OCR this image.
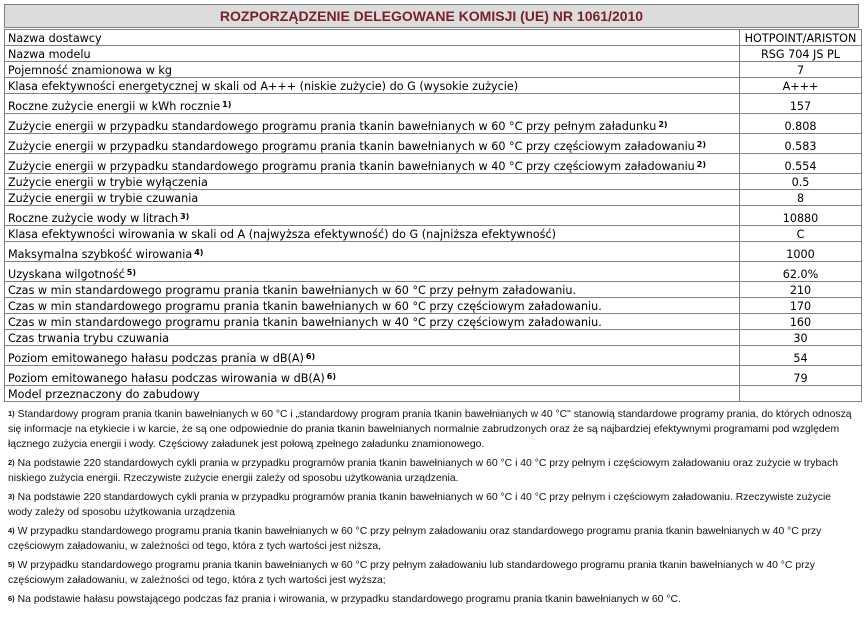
ROZPORZĄDZENIE DELEGOWANE KOMISJI (UE) NR 1061/2010
Nazwa dostawcy	HOTPOINT/ARISTON
Nazwa modelu	RSG 704 JS PL
Pojemność znamionowa w kg	7
Klasa efektywności energetycznej w skali od A+++ (niskie zużycie) do G (wysokie zużycie)	A+++
Roczne zużycie energii w kWh rocznie $^{1)}$	157
Zużycie energii w przypadku standardowego programu prania tkanin bawełnianych w 60 °C przy pełnym załadunku $^{2)}$	0.808
Zużycie energii w przypadku standardowego programu prania tkanin bawełnianych w 60 °C przy częściowym załadowaniu $^{2)}$	0.583
Zużycie energii w przypadku standardowego programu prania tkanin bawełnianych w 40 °C przy częściowym załadowaniu $^{2)}$	0.554
Zużycie energii w trybie wyłączenia	0.5
Zużycie energii w trybie czuwania	8
Roczne zużycie wody w litrach $^{3)}$	10880
Klasa efektywności wirowania w skali od A (najwyższa efektywność) do G (najniższa efektywność)	C
Maksymalna szybkość wirowania $^{4)}$	1000
Uzyskana wilgotność $^{5)}$	62.0%
Czas w min standardowego programu prania tkanin bawełnianych w 60 °C przy pełnym załadowaniu.	210
Czas w min standardowego programu prania tkanin bawełnianych w 60 °C przy częściowym załadowaniu.	170
Czas w min standardowego programu prania tkanin bawełnianych w 40 °C przy częściowym załadowaniu.	160
Czas trwania trybu czuwania	30
Poziom emitowanego hałasu podczas prania w dB(A) $^{6)}$	54
Poziom emitowanego hałasu podczas wirowania w dB(A) $^{6)}$	79
Model przeznaczony do zabudowy	

$^{1)}$ Standardowy program prania tkanin bawełnianych w 60 °C i „standardowy program prania tkanin bawełnianych w 40 °C" stanowią standardowe programy prania, do których odnoszą się informacje na etykiecie i w karcie, że są one odpowiednie do prania tkanin bawełnianych normalnie zabrudzonych oraz że są najbardziej efektywnymi programami pod względem łącznego zużycia energii i wody. Częściowy załadunek jest połową zpełnego załadunku znamionowego.

$^{2)}$ Na podstawie 220 standardowych cykli prania w przypadku programów prania tkanin bawełnianych w 60 °C i 40 °C przy pełnym i częściowym załadowaniu oraz zużycie w trybach niskiego zużycia energii. Rzeczywiste zużycie energii zależy od sposobu użytkowania urządzenia.

$^{3)}$ Na podstawie 220 standardowych cykli prania w przypadku programów prania tkanin bawełnianych w 60 °C i 40 °C przy pełnym i częściowym załadowaniu. Rzeczywiste zużycie wody zależy od sposobu użytkowania urządzenia

$^{4)}$ W przypadku standardowego programu prania tkanin bawełnianych w 60 °C przy pełnym załadowaniu oraz standardowego programu prania tkanin bawełnianych w 40 °C przy częściowym załadowaniu, w zależności od tego, która z tych wartości jest niższa,

$^{5)}$ W przypadku standardowego programu prania tkanin bawełnianych w 60 °C przy pełnym załadowaniu lub standardowego programu prania tkanin bawełnianych w 40 °C przy częściowym załadowaniu, w zależności od tego, która z tych wartości jest wyższa;

$^{6)}$ Na podstawie hałasu powstającego podczas faz prania i wirowania, w przypadku standardowego programu prania tkanin bawełnianych w 60 °C.
